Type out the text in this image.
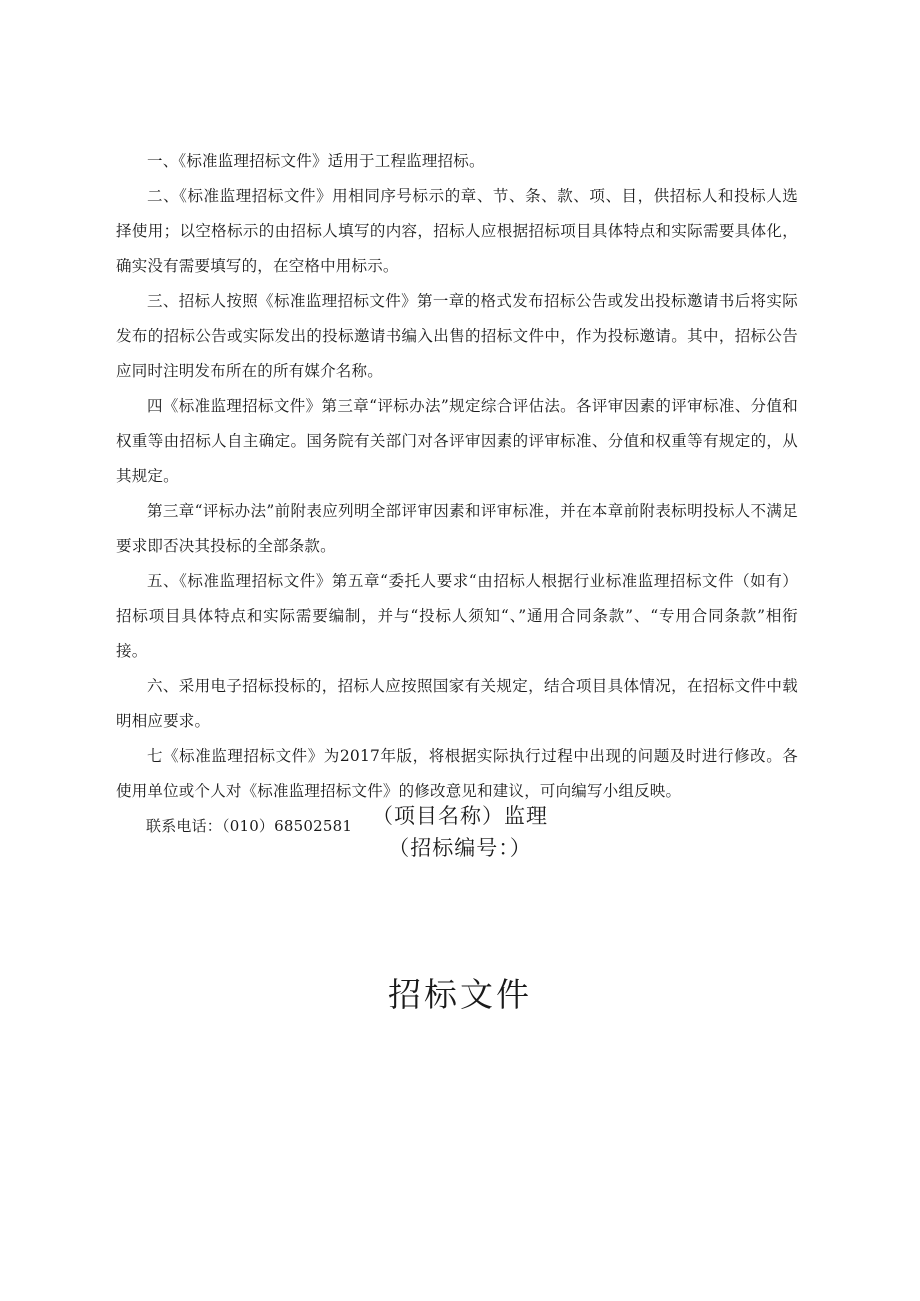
一、《标准监理招标文件》适用于工程监理招标。

二、《标准监理招标文件》用相同序号标示的章、节、条、款、项、目，供招标人和投标人选择使用；以空格标示的由招标人填写的内容，招标人应根据招标项目具体特点和实际需要具体化，确实没有需要填写的，在空格中用标示。

三、招标人按照《标准监理招标文件》第一章的格式发布招标公告或发出投标邀请书后将实际发布的招标公告或实际发出的投标邀请书编入出售的招标文件中，作为投标邀请。其中，招标公告应同时注明发布所在的所有媒介名称。

四《标准监理招标文件》第三章“评标办法”规定综合评估法。各评审因素的评审标准、分值和权重等由招标人自主确定。国务院有关部门对各评审因素的评审标准、分值和权重等有规定的，从其规定。

第三章“评标办法”前附表应列明全部评审因素和评审标准，并在本章前附表标明投标人不满足要求即否决其投标的全部条款。

五、《标准监理招标文件》第五章“委托人要求“由招标人根据行业标准监理招标文件（如有）招标项目具体特点和实际需要编制，并与“投标人须知“、”通用合同条款”、“专用合同条款”相衔接。

六、采用电子招标投标的，招标人应按照国家有关规定，结合项目具体情况，在招标文件中载明相应要求。

七《标准监理招标文件》为2017年版，将根据实际执行过程中出现的问题及时进行修改。各使用单位或个人对《标准监理招标文件》的修改意见和建议，可向编写小组反映。

联系电话：（010）68502581 （项目名称）监理
（招标编号：）
招标文件
